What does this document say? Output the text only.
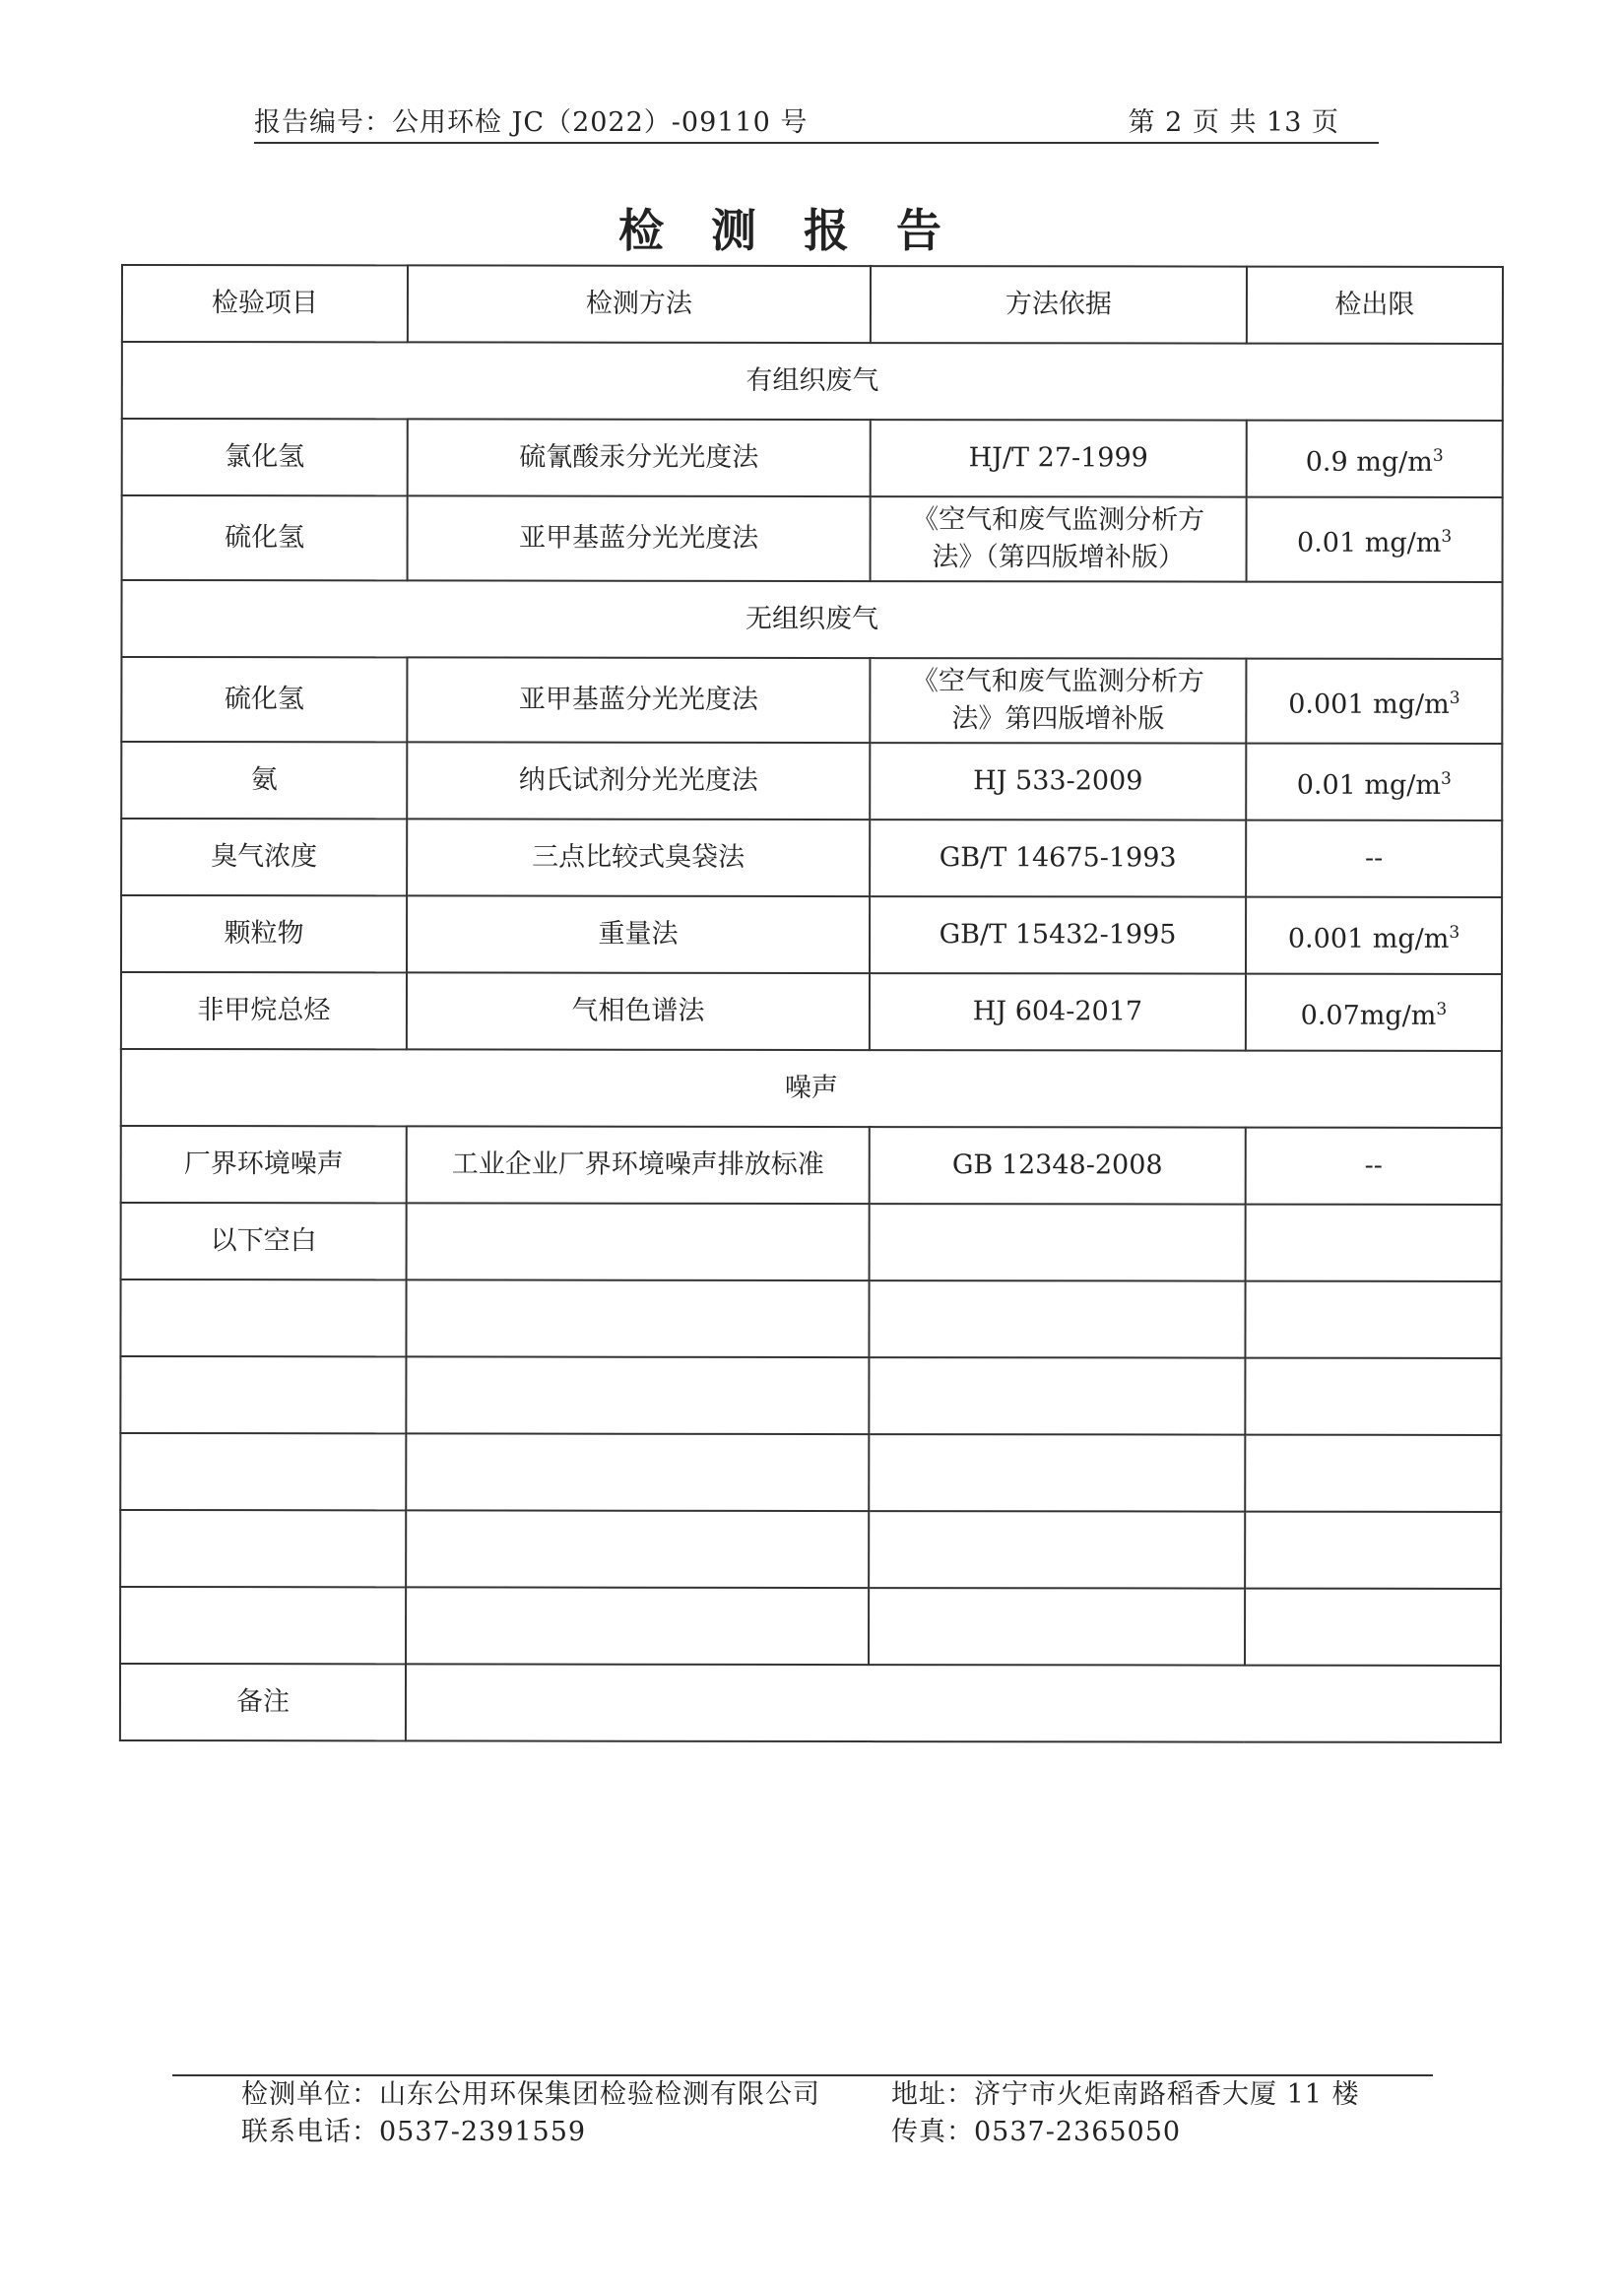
报告编号：公用环检 JC（2022）-09110 号	第 2 页 共 13 页
检 测 报 告
检验项目	检测方法	方法依据	检出限
有组织废气			
氯化氢	硫氰酸汞分光光度法	HJ/T 27-1999	0.9 $mg/m^3$
硫化氢	亚甲基蓝分光光度法	《空气和废气监测分析方
法》（第四版增补版）	0.01 $mg/m^3$
无组织废气			
硫化氢	亚甲基蓝分光光度法	《空气和废气监测分析方
法》第四版增补版	0.001 $mg/m^3$
氨	纳氏试剂分光光度法	HJ 533-2009	0.01 $mg/m^3$
臭气浓度	三点比较式臭袋法	GB/T 14675-1993	--
颗粒物	重量法	GB/T 15432-1995	0.001 $mg/m^3$
非甲烷总烃	气相色谱法	HJ 604-2017	$0.07mg/m^3$
噪声			
厂界环境噪声	工业企业厂界环境噪声排放标准	GB 12348-2008	--
以下空白		

备注			
检测单位：山东公用环保集团检验检测有限公司	地址：济宁市火炬南路稻香大厦 11 楼
联系电话：0537-2391559	传真：0537-2365050
